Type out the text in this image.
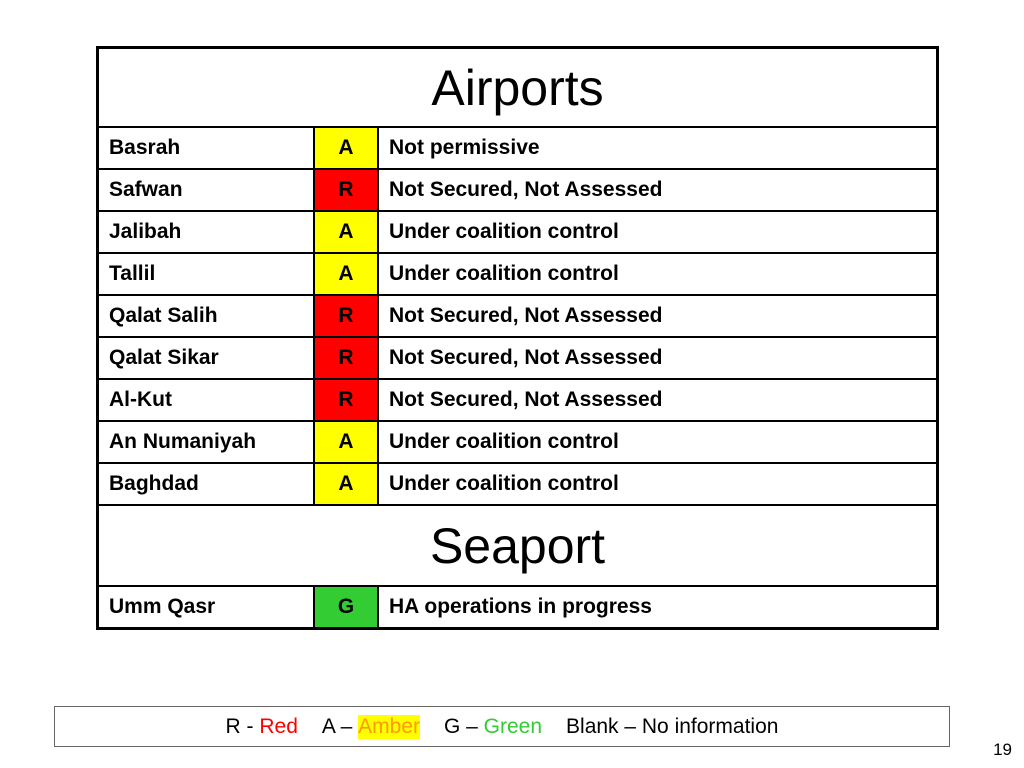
Airports		
Basrah	A	Not permissive
Safwan	R	Not Secured, Not Assessed
Jalibah	A	Under coalition control
Tallil	A	Under coalition control
Qalat Salih	R	Not Secured, Not Assessed
Qalat Sikar	R	Not Secured, Not Assessed
Al-Kut	R	Not Secured, Not Assessed
An Numaniyah	A	Under coalition control
Baghdad	A	Under coalition control
Seaport		
Umm Qasr	G	HA operations in progress
R - Red A – Amber G – Green Blank – No information
19
